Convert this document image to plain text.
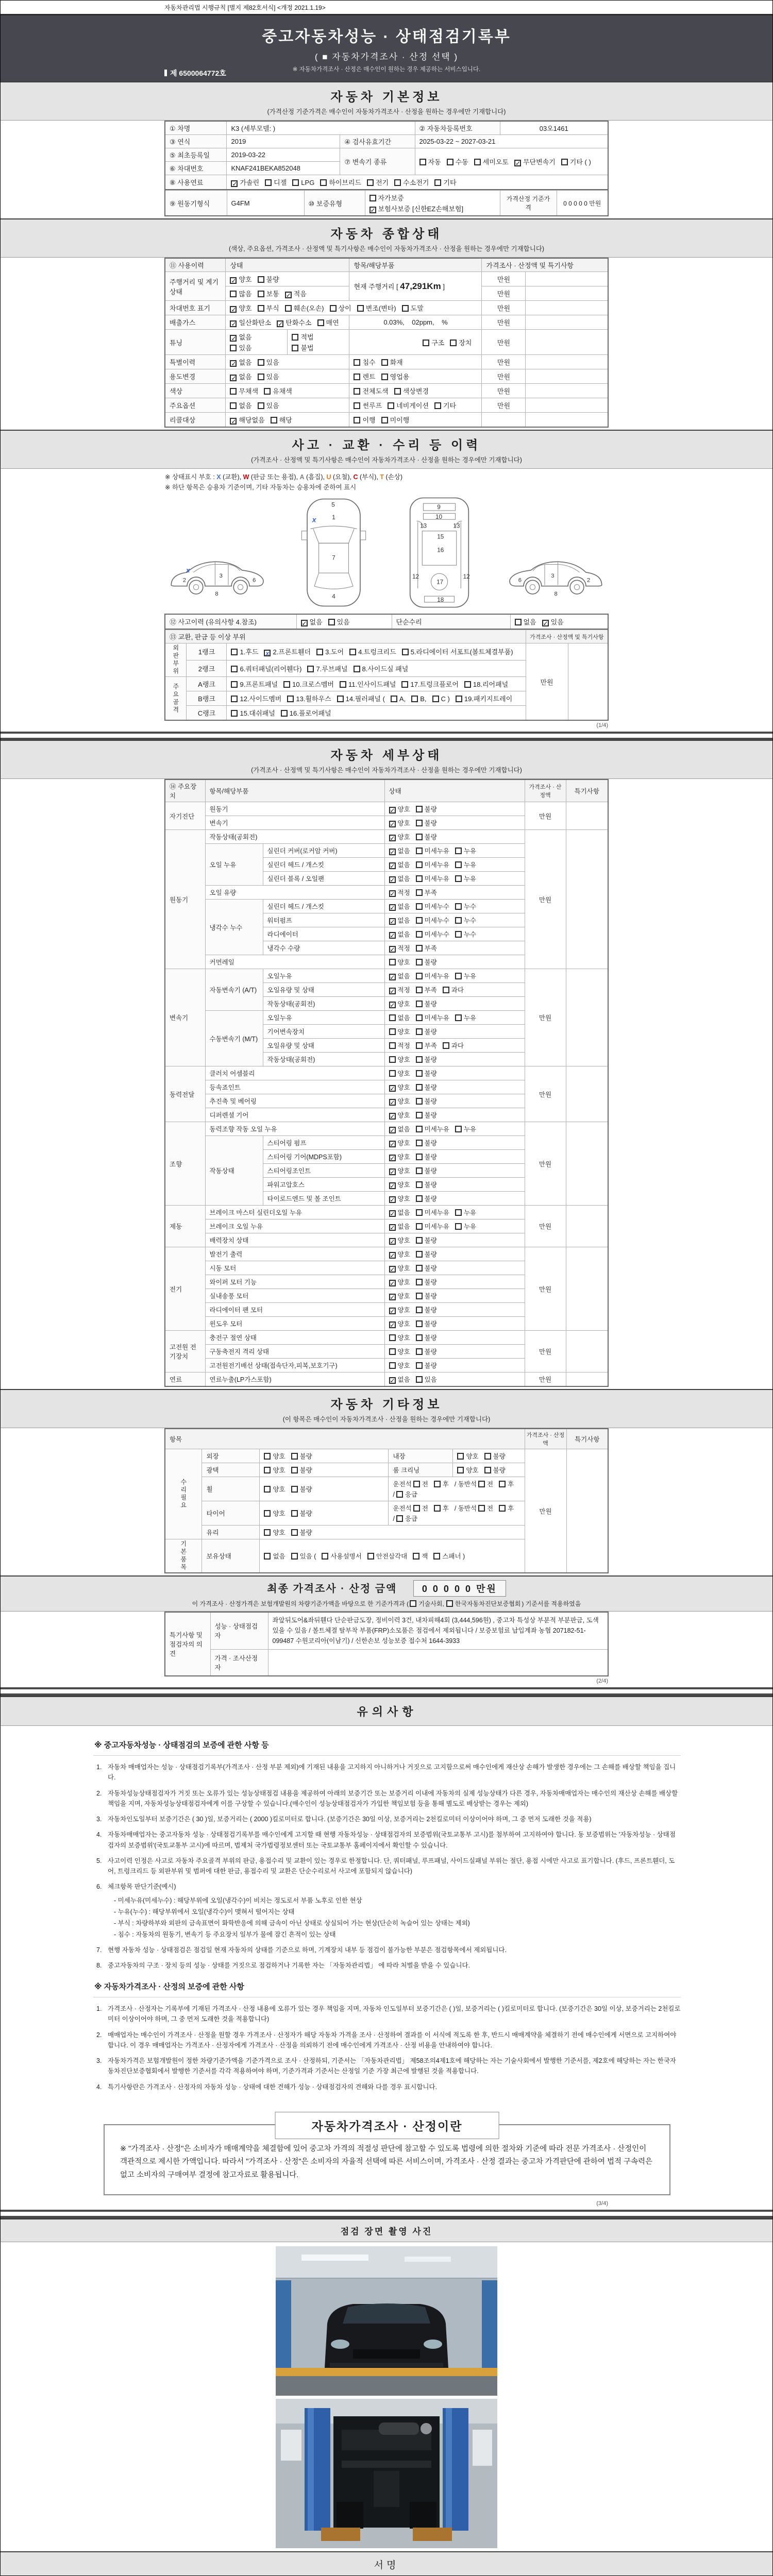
자동차관리법 시행규칙 [별지 제82호서식] <개정 2021.1.19>
중고자동차성능 · 상태점검기록부
( ■ 자동차가격조사 · 산정 선택 )
※ 자동차가격조사 · 산정은 매수인이 원하는 경우 제공하는 서비스입니다.
제 6500064772호
자동차 기본정보
(가격산정 기준가격은 매수인이 자동차가격조사 · 산정을 원하는 경우에만 기재합니다)
① 차명	K3 (세부모델: )		② 자동차등록번호	03오1461
③ 연식	2019	④ 검사유효기간	2025-03-22 ~ 2027-03-21	
⑤ 최초등록일	2019-03-22	⑦ 변속기 종류	자동 수동 세미오토 ✓ 무단변속기 기타 ( )	
⑥ 차대번호	KNAF241BEKA852048			
⑧ 사용연료	✓ 가솔린 디젤 LPG 하이브리드 전기 수소전기 기타			
⑨ 원동기형식	G4FM	⑩ 보증유형	자가보증✓ 보험사보증 [신한EZ손해보험]	가격산정 기준가격	0 0 0 0 0 만원
자동차 종합상태
(색상, 주요옵션, 가격조사 · 산정액 및 특기사항은 매수인이 자동차가격조사 · 산정을 원하는 경우에만 기재합니다)
⑪ 사용이력	상태		항목/해당부품	가격조사 · 산정액 및 특기사항	
주행거리 및 계기상태	✓ 양호 불량		현재 주행거리 [ 47,291Km ]	만원	
	많음 보통 ✓ 적음			만원	
차대번호 표기	✓ 양호 부식 훼손(오손) 상이 변조(변타) 도말			만원	
배출가스	✓ 일산화탄소 ✓ 탄화수소 매연		0.03%, 02ppm, %	만원	
튜닝	✓ 없음있음	적법불법	구조 장치	만원	
특별이력	✓ 없음 있음		침수 화재	만원	
용도변경	✓ 없음 있음		렌트 영업용	만원	
색상	무채색 유채색		전체도색 색상변경	만원	
주요옵션	없음 있음		썬루프 네비게이션 기타	만원	
리콜대상	✓ 해당없음 해당		이행 미이행		
사고 · 교환 · 수리 등 이력
(가격조사 · 산정액 및 특기사항은 매수인이 자동차가격조사 · 산정을 원하는 경우에만 기재합니다)
※ 상태표시 부호 : X (교환), W (판금 또는 용접), A (흠집), U (요철), C (부식), T (손상)
※ 하단 항목은 승용차 기준이며, 기타 자동차는 승용차에 준하여 표시
2
3
6
8
x
5
1
7
4
x
9
10
13	13
15
16
12
17
12
18
6
3
2
8
⑫ 사고이력 (유의사항 4.참조)	✓ 없음 있음	단순수리	없음 ✓ 있음
⑬ 교환, 판금 등 이상 부위			가격조사 · 산정액 및 특기사항	
외판부위	1랭크	1.후드 x 2.프론트휀더 3.도어 4.트렁크리드 5.라디에이터 서포트(볼트체결부품)	만원	
	2랭크	6.쿼터패널(리어휀다) 7.루브패널 8.사이드실 패널		
주요골격	A랭크	9.프론트패널 10.크로스멤버 11.인사이드패널 17.트렁크플로어 18.리어패널		
	B랭크	12.사이드멤버 13.휠하우스 14.필러패널 ( A, B, C ) 19.패키지트레이		
	C랭크	15.대쉬패널 16.플로어패널		
(1/4)
자동차 세부상태
(가격조사 · 산정액 및 특기사항은 매수인이 자동차가격조사 · 산정을 원하는 경우에만 기재합니다)
⑭ 주요장치	항목/해당부품		상태	가격조사 · 산정액	특기사항
자기진단	원동기		✓ 양호 불량	만원	
	변속기		✓ 양호 불량		
원동기	작동상태(공회전)		✓ 양호 불량	만원	
	오일 누유	실린더 커버(로커암 커버)	✓ 없음 미세누유 누유		
		실린더 헤드 / 개스킷	✓ 없음 미세누유 누유		
		실린더 블록 / 오일팬	✓ 없음 미세누유 누유		
	오일 유량		✓ 적정 부족		
	냉각수 누수	실린더 헤드 / 개스킷	✓ 없음 미세누수 누수		
		워터펌프	✓ 없음 미세누수 누수		
		라디에이터	✓ 없음 미세누수 누수		
		냉각수 수량	✓ 적정 부족		
	커먼레일		양호 불량		
변속기	자동변속기 (A/T)	오일누유	✓ 없음 미세누유 누유	만원	
		오일유량 및 상태	✓ 적정 부족 과다		
		작동상태(공회전)	✓ 양호 불량		
	수동변속기 (M/T)	오일누유	없음 미세누유 누유		
		기어변속장치	양호 불량		
		오일유량 및 상태	적정 부족 과다		
		작동상태(공회전)	양호 불량		
동력전달	클러치 어셈블리		양호 불량	만원	
	등속죠인트		✓ 양호 불량		
	추진축 및 베어링		✓ 양호 불량		
	디퍼렌셜 기어		✓ 양호 불량		
조향	동력조향 작동 오일 누유		✓ 없음 미세누유 누유	만원	
	작동상태	스티어링 펌프	✓ 양호 불량		
		스티어링 기어(MDPS포함)	✓ 양호 불량		
		스티어링조인트	✓ 양호 불량		
		파워고압호스	✓ 양호 불량		
		타이로드엔드 및 볼 조인트	✓ 양호 불량		
제동	브레이크 마스터 실린더오일 누유		✓ 없음 미세누유 누유	만원	
	브레이크 오일 누유		✓ 없음 미세누유 누유		
	배력장치 상태		✓ 양호 불량		
전기	발전기 출력		✓ 양호 불량	만원	
	시동 모터		✓ 양호 불량		
	와이퍼 모터 기능		✓ 양호 불량		
	실내송풍 모터		✓ 양호 불량		
	라디에이터 팬 모터		✓ 양호 불량		
	윈도우 모터		✓ 양호 불량		
고전원 전기장치	충전구 절연 상태		양호 불량	만원	
	구동축전지 격리 상태		양호 불량		
	고전원전기배선 상태(접속단자,피복,보호기구)		양호 불량		
연료	연료누출(LP가스포함)		✓ 없음 있음	만원	
자동차 기타정보
(이 항목은 매수인이 자동차가격조사 · 산정을 원하는 경우에만 기재합니다)
항목					가격조사 · 산정액	특기사항
수리필요	외장	양호 불량	내장	양호 불량	만원	
	광택	양호 불량	룸 크리닝	양호 불량		
	휠	양호 불량	운전석 전 후 / 동반석 전 후/ 응급			
	타이어	양호 불량	운전석 전 후 / 동반석 전 후/ 응급			
	유리	양호 불량				
기본품목	보유상태	없음 있음 ( 사용설명서 안전삼각대 잭 스패너 )				
최종 가격조사 · 산정 금액	0 0 0 0 0 만원
이 가격조사 · 산정가격은 보험개발원의 차량기준가액을 바탕으로 한 기준가격과 ( 기술사회, 한국자동차진단보증협회 ) 기준서를 적용하였음
특기사항 및 점검자의 의견	성능 · 상태점검자	좌앞뒤도어&좌뒤휀다 단순판금도장, 정비이력 3건, 내차피해4회 (3,444,596원) , 중고차 특성상 부분적 부분판금, 도색 있을 수 있음 / 볼트체결 탈부착 부품(FRP)소모품은 점검에서 제외됩니다 / 보증보험료 납입계좌 농협 207182-51-099487 수원코리아(이남기) / 신한손보 성능보증 접수처 1644-3933
	가격 · 조사산정자	
(2/4)
유의사항
※ 중고자동차성능 · 상태점검의 보증에 관한 사항 등
1. 자동차 매매업자는 성능 · 상태점검기록부(가격조사 · 산정 부분 제외)에 기재된 내용을 고지하지 아니하거나 거짓으로 고지함으로써 매수인에게 재산상 손해가 발생한 경우에는 그 손해를 배상할 책임을 집니다.
2. 자동차성능상태점검자가 거짓 또는 오류가 있는 성능상태점검 내용을 제공하여 아래의 보증기간 또는 보증거리 이내에 자동차의 실제 성능상태가 다른 경우, 자동차매매업자는 매수인의 재산상 손해를 배상할 책임을 지며, 자동차성능상태점검자에게 이를 구상할 수 있습니다.(매수인이 성능상태점검자가 가입한 책임보험 등을 통해 별도로 배상받는 경우는 제외)
3. 자동차인도일부터 보증기간은 ( 30 )일, 보증거리는 ( 2000 )킬로미터로 합니다. (보증기간은 30일 이상, 보증거리는 2천킬로미터 이상이어야 하며, 그 중 먼저 도래한 것을 적용)
4. 자동차매매업자는 중고자동차 성능 · 상태점검기록부를 매수인에게 고지할 때 현행 자동차성능 · 상태점검자의 보증범위(국토교통부 고시)를 첨부하여 고지하여야 합니다. 동 보증범위는 '자동차성능 · 상태점검자의 보증범위'(국토교통부 고시)에 따르며, 법제처 국가법령정보센터 또는 국토교통부 홈페이지에서 확인할 수 있습니다.
5. 사고이력 인정은 사고로 자동차 주요골격 부위의 판금, 용접수리 및 교환이 있는 경우로 한정합니다. 단, 쿼터패널, 루프패널, 사이드실패널 부위는 절단, 용접 시에만 사고로 표기합니다. (후드, 프론트휀더, 도어, 트렁크리드 등 외판부위 및 범퍼에 대한 판금, 용접수리 및 교환은 단순수리로서 사고에 포함되지 않습니다)
6. 체크항목 판단기준(예시)
- 미세누유(미세누수) : 해당부위에 오일(냉각수)이 비치는 정도로서 부품 노후로 인한 현상
- 누유(누수) : 해당부위에서 오일(냉각수)이 맺혀서 떨어지는 상태
- 부식 : 차량하부와 외판의 금속표면이 화학반응에 의해 금속이 아닌 상태로 상실되어 가는 현상(단순히 녹슬어 있는 상태는 제외)
- 침수 : 자동차의 원동기, 변속기 등 주요장치 일부가 물에 잠긴 흔적이 있는 상태
7. 현행 자동차 성능 · 상태점검은 점검일 현재 자동차의 상태를 기준으로 하며, 기계장치 내부 등 점검이 불가능한 부분은 점검항목에서 제외됩니다.
8. 중고자동차의 구조 · 장치 등의 성능 · 상태를 거짓으로 점검하거나 기록한 자는 「자동차관리법」 에 따라 처벌을 받을 수 있습니다.
※ 자동차가격조사 · 산정의 보증에 관한 사항
1. 가격조사 · 산정자는 기록부에 기재된 가격조사 · 산정 내용에 오류가 있는 경우 책임을 지며, 자동차 인도일부터 보증기간은 ( )일, 보증거리는 ( )킬로미터로 합니다. (보증기간은 30일 이상, 보증거리는 2천킬로미터 이상이어야 하며, 그 중 먼저 도래한 것을 적용합니다)
2. 매매업자는 매수인이 가격조사 · 산정을 원할 경우 가격조사 · 산정자가 해당 자동차 가격을 조사 · 산정하여 결과를 이 서식에 적도록 한 후, 반드시 매매계약을 체결하기 전에 매수인에게 서면으로 고지하여야 합니다. 이 경우 매매업자는 가격조사 · 산정자에게 가격조사 · 산정을 의뢰하기 전에 매수인에게 가격조사 · 산정 비용을 안내하여야 합니다.
3. 자동차가격은 보험개발원이 정한 차량기준가액을 기준가격으로 조사 · 산정하되, 기준서는 「자동차관리법」 제58조의4제1호에 해당하는 자는 기술사회에서 발행한 기준서를, 제2호에 해당하는 자는 한국자동차진단보증협회에서 발행한 기준서를 각각 적용하여야 하며, 기준가격과 기준서는 산정일 기준 가장 최근에 발행된 것을 적용합니다.
4. 특기사항란은 가격조사 · 산정자의 자동차 성능 · 상태에 대한 견해가 성능 · 상태점검자의 견해와 다를 경우 표시합니다.
자동차가격조사 · 산정이란
※ "가격조사 · 산정"은 소비자가 매매계약을 체결함에 있어 중고차 가격의 적절성 판단에 참고할 수 있도록 법령에 의한 절차와 기준에 따라 전문 가격조사 · 산정인이 객관적으로 제시한 가액입니다. 따라서 "가격조사 · 산정"은 소비자의 자율적 선택에 따른 서비스이며, 가격조사 · 산정 결과는 중고차 가격판단에 관하여 법적 구속력은 없고 소비자의 구매여부 결정에 참고자료로 활용됩니다.
(3/4)
점검 장면 촬영 사진
서명
